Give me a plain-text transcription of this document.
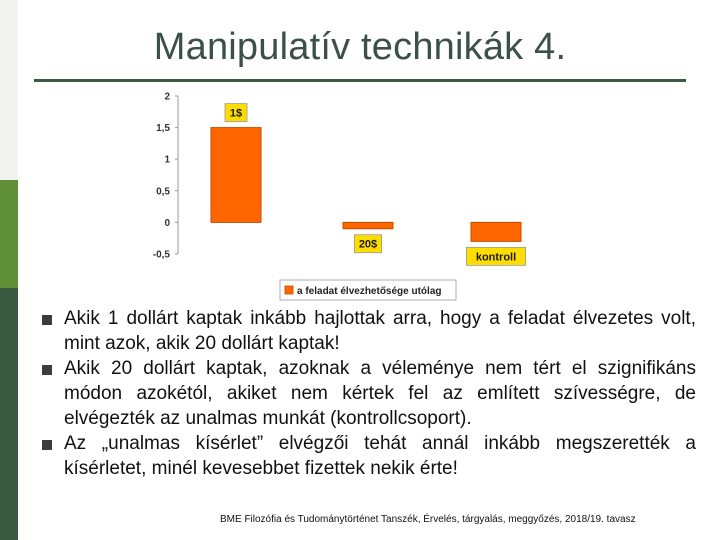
Manipulatív technikák 4.
2
1,5
1
0,5
0
-0,5
1$
20$
kontroll
a feladat élvezhetősége utólag
Akik 1 dollárt kaptak inkább hajlottak arra, hogy a feladat élvezetes volt, mint azok, akik 20 dollárt kaptak!
Akik 20 dollárt kaptak, azoknak a véleménye nem tért el szignifikáns módon azokétól, akiket nem kértek fel az említett szívességre, de elvégezték az unalmas munkát (kontrollcsoport).
Az „unalmas kísérlet” elvégzői tehát annál inkább megszerették a kísérletet, minél kevesebbet fizettek nekik érte!
BME Filozófia és Tudománytörténet Tanszék, Érvelés, tárgyalás, meggyőzés, 2018/19. tavasz
